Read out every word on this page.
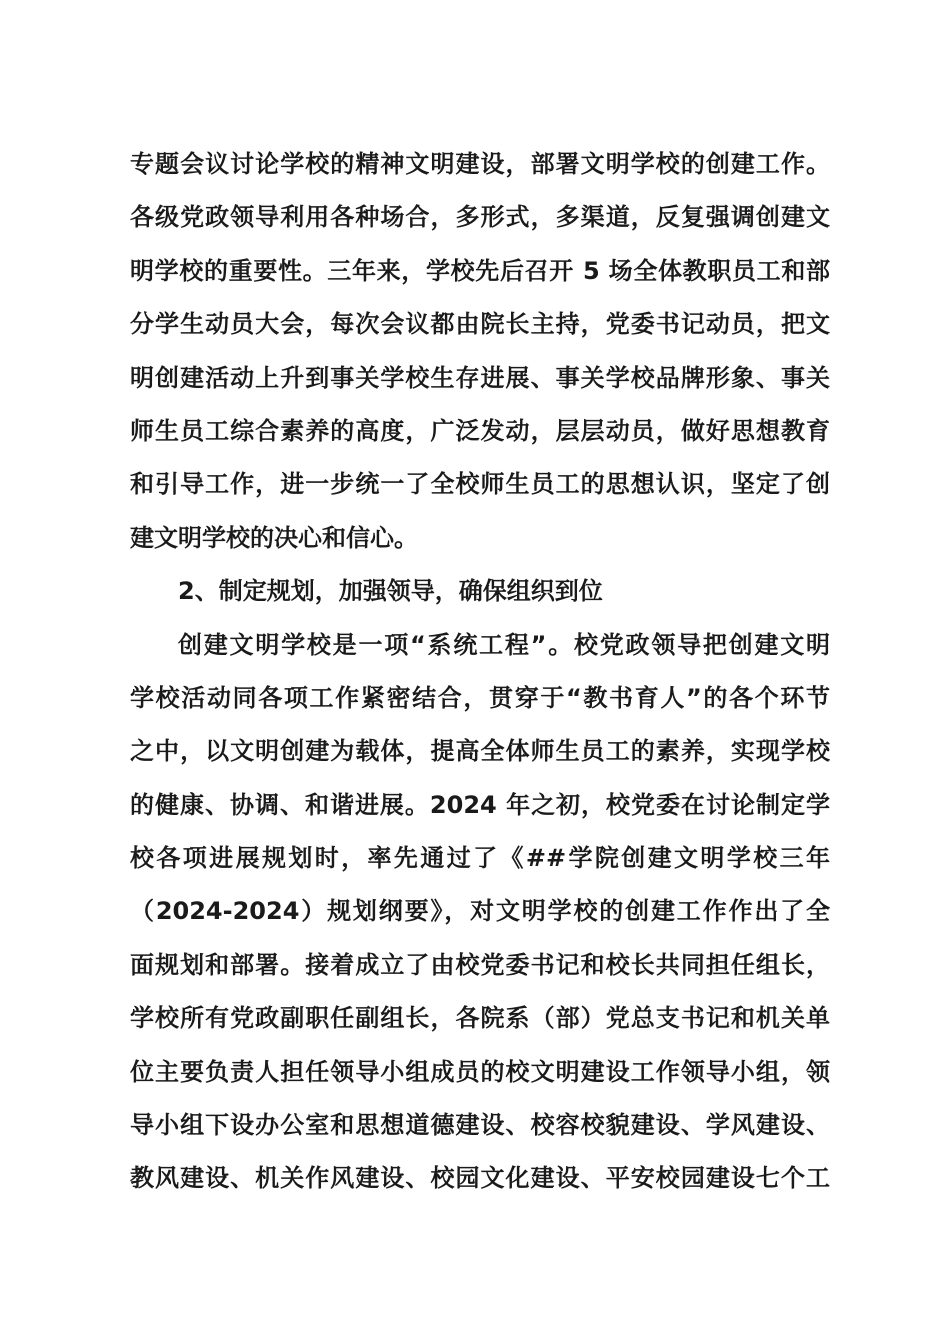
专题会议讨论学校的精神文明建设，部署文明学校的创建工作。
各级党政领导利用各种场合，多形式，多渠道，反复强调创建文
明学校的重要性。三年来，学校先后召开 5 场全体教职员工和部
分学生动员大会，每次会议都由院长主持，党委书记动员，把文
明创建活动上升到事关学校生存进展、事关学校品牌形象、事关
师生员工综合素养的高度，广泛发动，层层动员，做好思想教育
和引导工作，进一步统一了全校师生员工的思想认识，坚定了创
建文明学校的决心和信心。
2、制定规划，加强领导，确保组织到位
创建文明学校是一项“系统工程”。校党政领导把创建文明
学校活动同各项工作紧密结合，贯穿于“教书育人”的各个环节
之中，以文明创建为载体，提高全体师生员工的素养，实现学校
的健康、协调、和谐进展。2024 年之初，校党委在讨论制定学
校各项进展规划时，率先通过了《##学院创建文明学校三年
（2024-2024）规划纲要》，对文明学校的创建工作作出了全
面规划和部署。接着成立了由校党委书记和校长共同担任组长，
学校所有党政副职任副组长，各院系（部）党总支书记和机关单
位主要负责人担任领导小组成员的校文明建设工作领导小组，领
导小组下设办公室和思想道德建设、校容校貌建设、学风建设、
教风建设、机关作风建设、校园文化建设、平安校园建设七个工
